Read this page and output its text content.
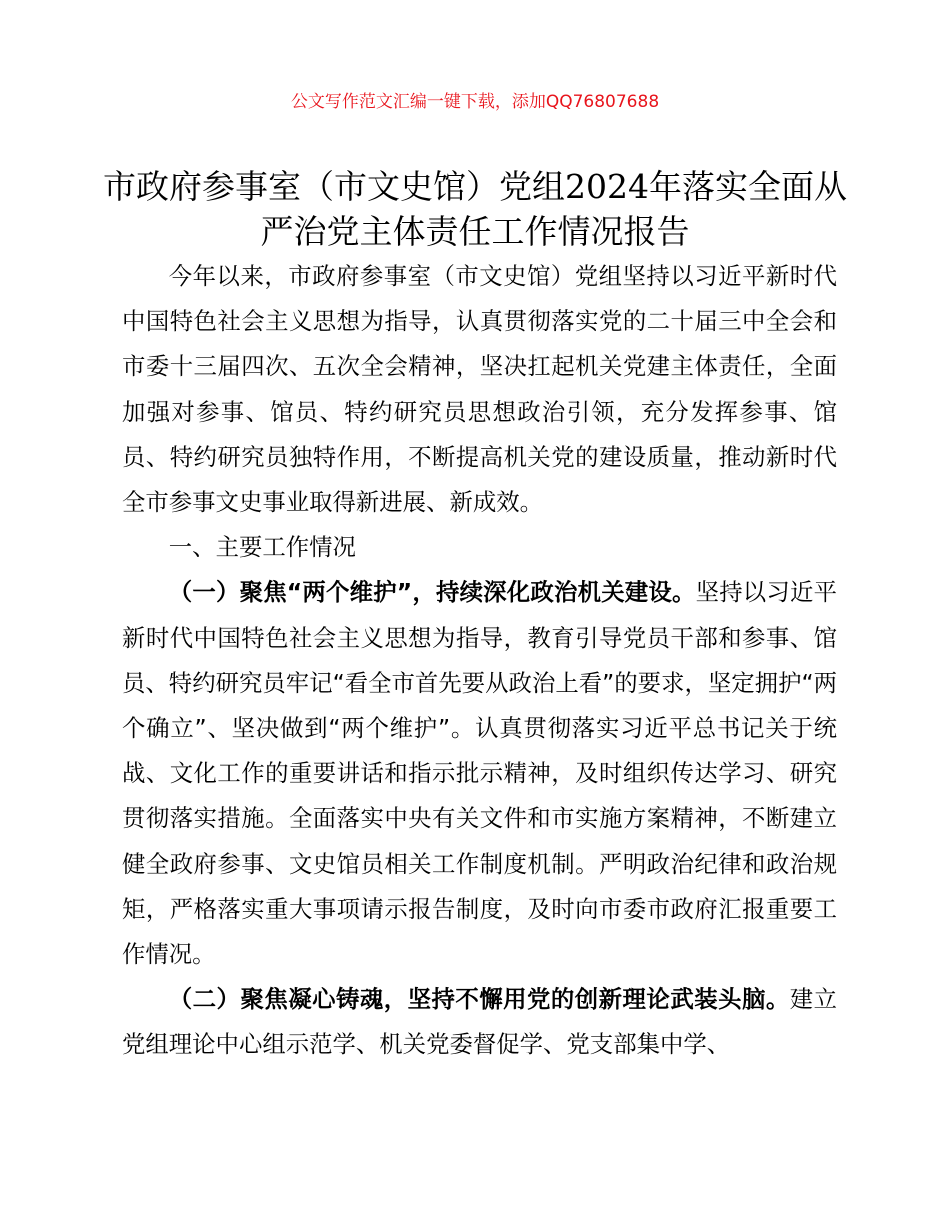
公文写作范文汇编一键下载，添加QQ76807688
市政府参事室（市文史馆）党组2024年落实全面从严治党主体责任工作情况报告

今年以来，市政府参事室（市文史馆）党组坚持以习近平新时代中国特色社会主义思想为指导，认真贯彻落实党的二十届三中全会和市委十三届四次、五次全会精神，坚决扛起机关党建主体责任，全面加强对参事、馆员、特约研究员思想政治引领，充分发挥参事、馆员、特约研究员独特作用，不断提高机关党的建设质量，推动新时代全市参事文史事业取得新进展、新成效。

一、主要工作情况

（一）聚焦“两个维护”，持续深化政治机关建设。坚持以习近平新时代中国特色社会主义思想为指导，教育引导党员干部和参事、馆员、特约研究员牢记“看全市首先要从政治上看”的要求，坚定拥护“两个确立”、坚决做到“两个维护”。认真贯彻落实习近平总书记关于统战、文化工作的重要讲话和指示批示精神，及时组织传达学习、研究贯彻落实措施。全面落实中央有关文件和市实施方案精神，不断建立健全政府参事、文史馆员相关工作制度机制。严明政治纪律和政治规矩，严格落实重大事项请示报告制度，及时向市委市政府汇报重要工作情况。

（二）聚焦凝心铸魂，坚持不懈用党的创新理论武装头脑。建立党组理论中心组示范学、机关党委督促学、党支部集中学、
